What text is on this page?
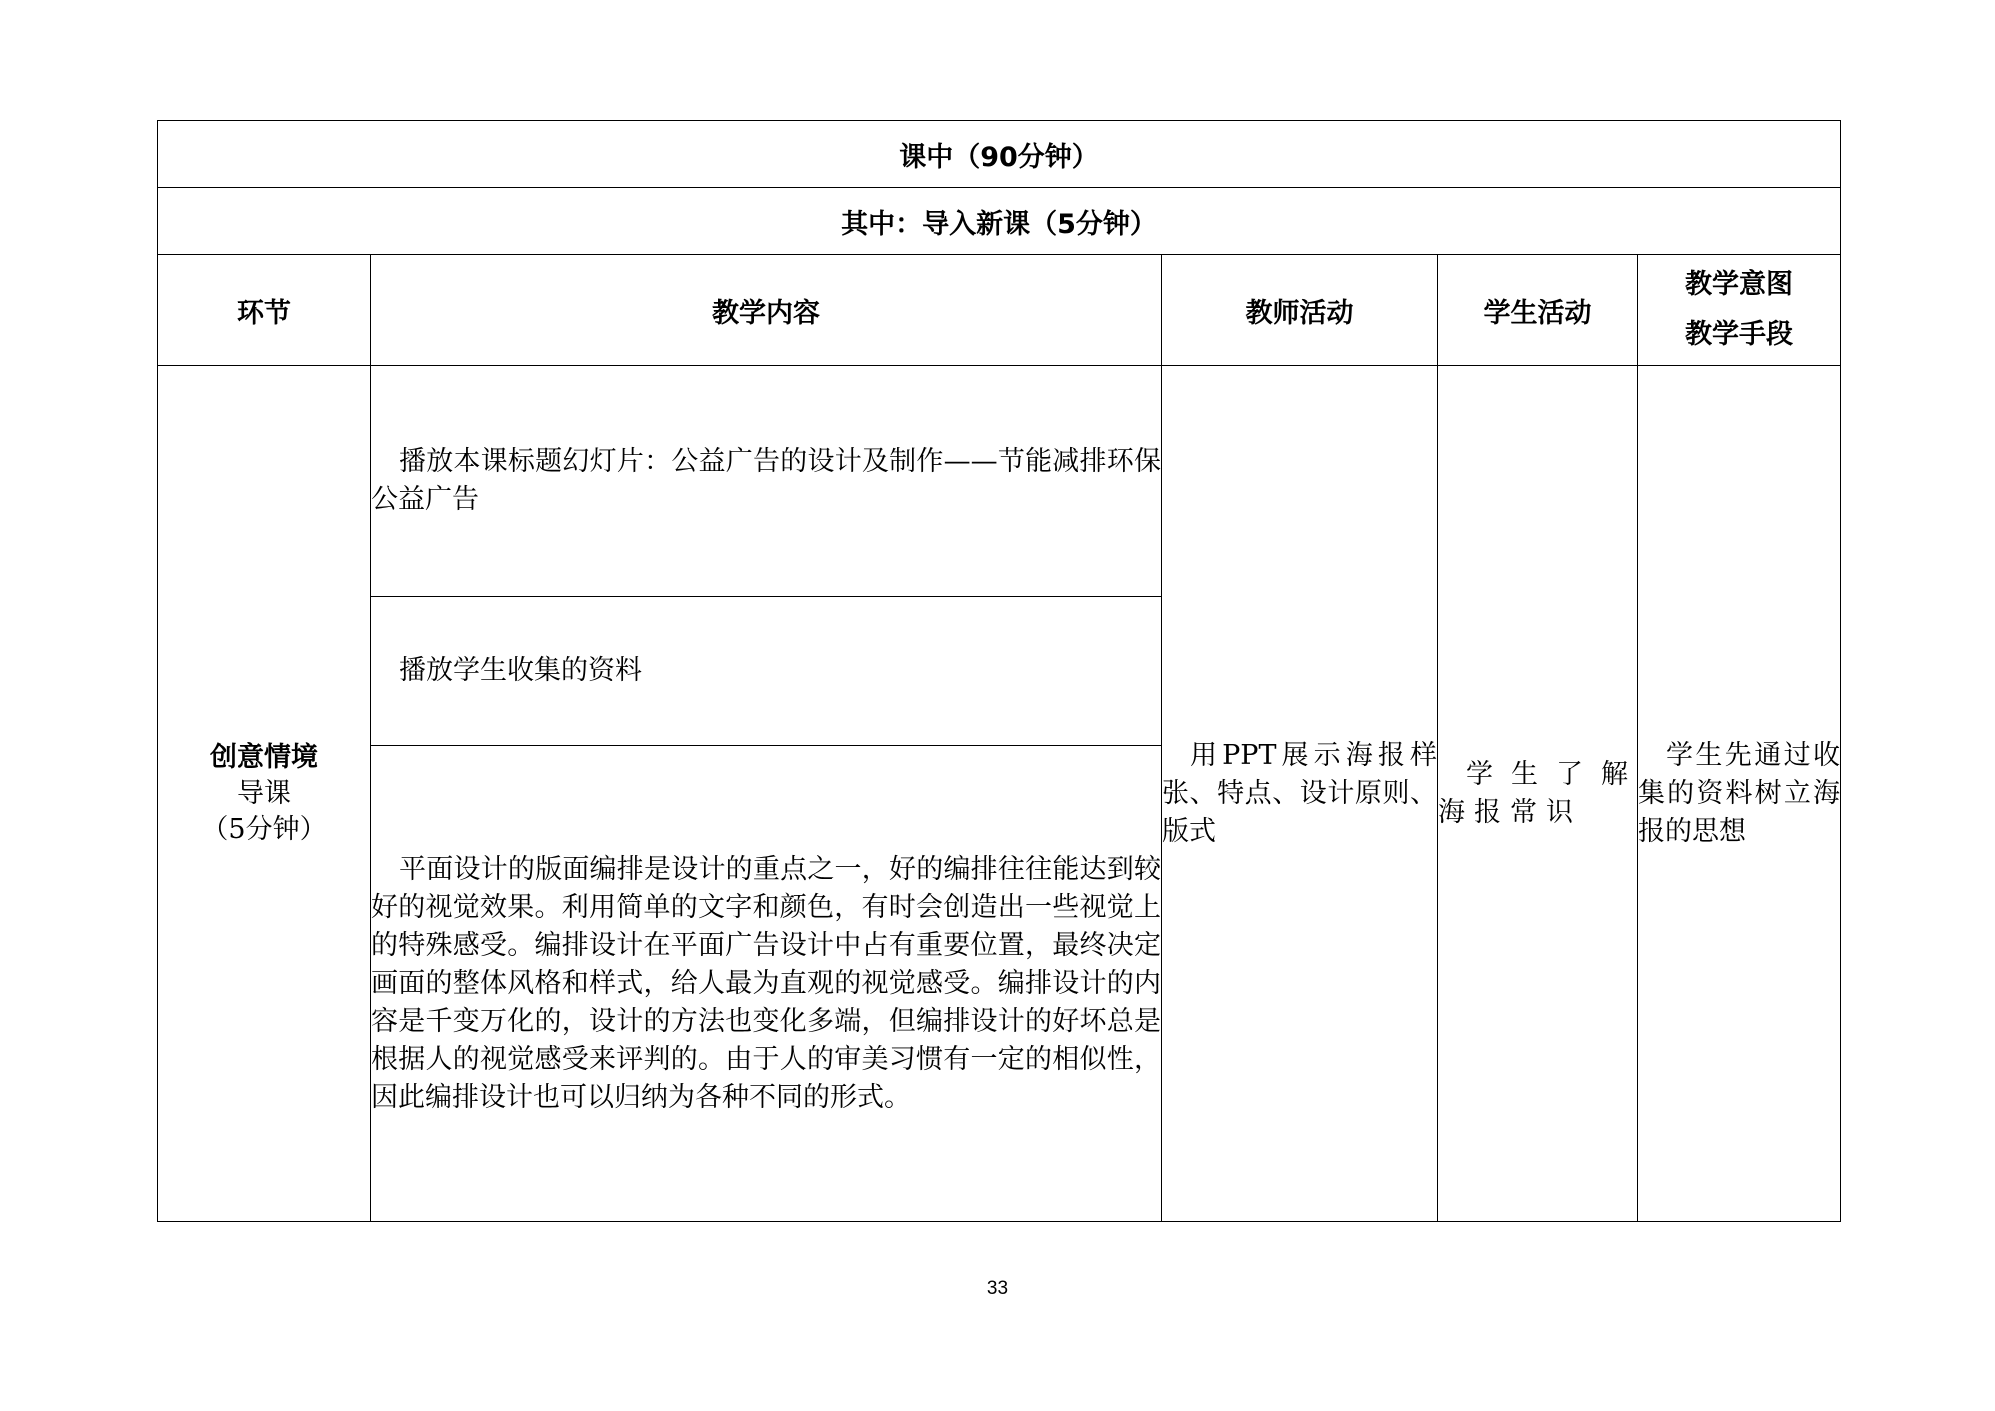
课中（90分钟）				
其中：导入新课（5分钟）				
环节	教学内容	教师活动	学生活动	教学意图
教学手段

创意情境
导课
（5分钟）	播放本课标题幻灯片：公益广告的设计及制作——节能减排环保公益广告	用PPT展示海报样张、特点、设计原则、版式	学生了解海报常识	学生先通过收集的资料树立海报的思想

	播放学生收集的资料			

	平面设计的版面编排是设计的重点之一，好的编排往往能达到较好的视觉效果。利用简单的文字和颜色，有时会创造出一些视觉上的特殊感受。编排设计在平面广告设计中占有重要位置，最终决定画面的整体风格和样式，给人最为直观的视觉感受。编排设计的内容是千变万化的，设计的方法也变化多端，但编排设计的好坏总是根据人的视觉感受来评判的。由于人的审美习惯有一定的相似性，因此编排设计也可以归纳为各种不同的形式。			

33
